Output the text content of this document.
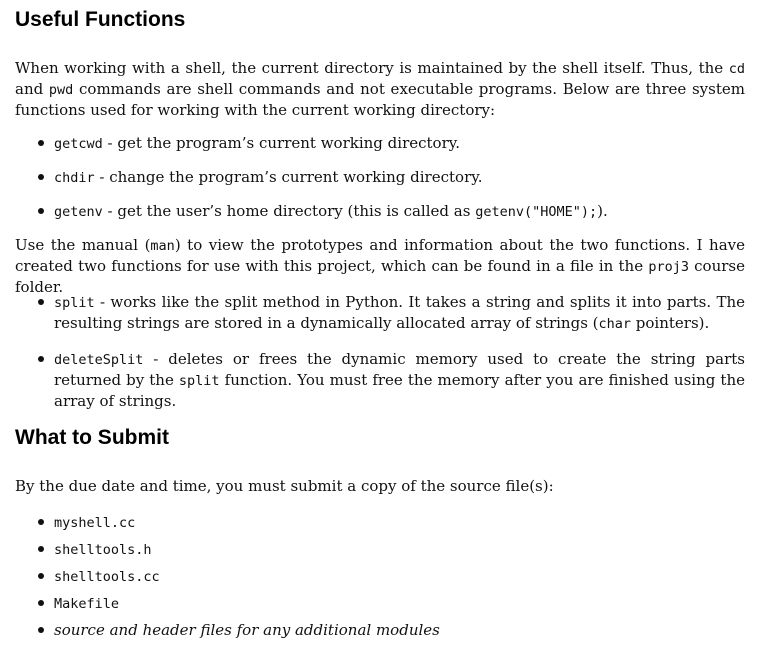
Useful Functions

When working with a shell, the current directory is maintained by the shell itself. Thus, the cd and pwd commands are shell commands and not executable programs. Below are three system functions used for working with the current working directory:

getcwd - get the program’s current working directory.
chdir - change the program’s current working directory.
getenv - get the user’s home directory (this is called as getenv("HOME");).

Use the manual (man) to view the prototypes and information about the two functions. I have created two functions for use with this project, which can be found in a file in the proj3 course folder.

split - works like the split method in Python. It takes a string and splits it into parts. The resulting strings are stored in a dynamically allocated array of strings (char pointers).
deleteSplit - deletes or frees the dynamic memory used to create the string parts returned by the split function. You must free the memory after you are finished using the array of strings.
What to Submit

By the due date and time, you must submit a copy of the source file(s):

myshell.cc
shelltools.h
shelltools.cc
Makefile
source and header files for any additional modules
